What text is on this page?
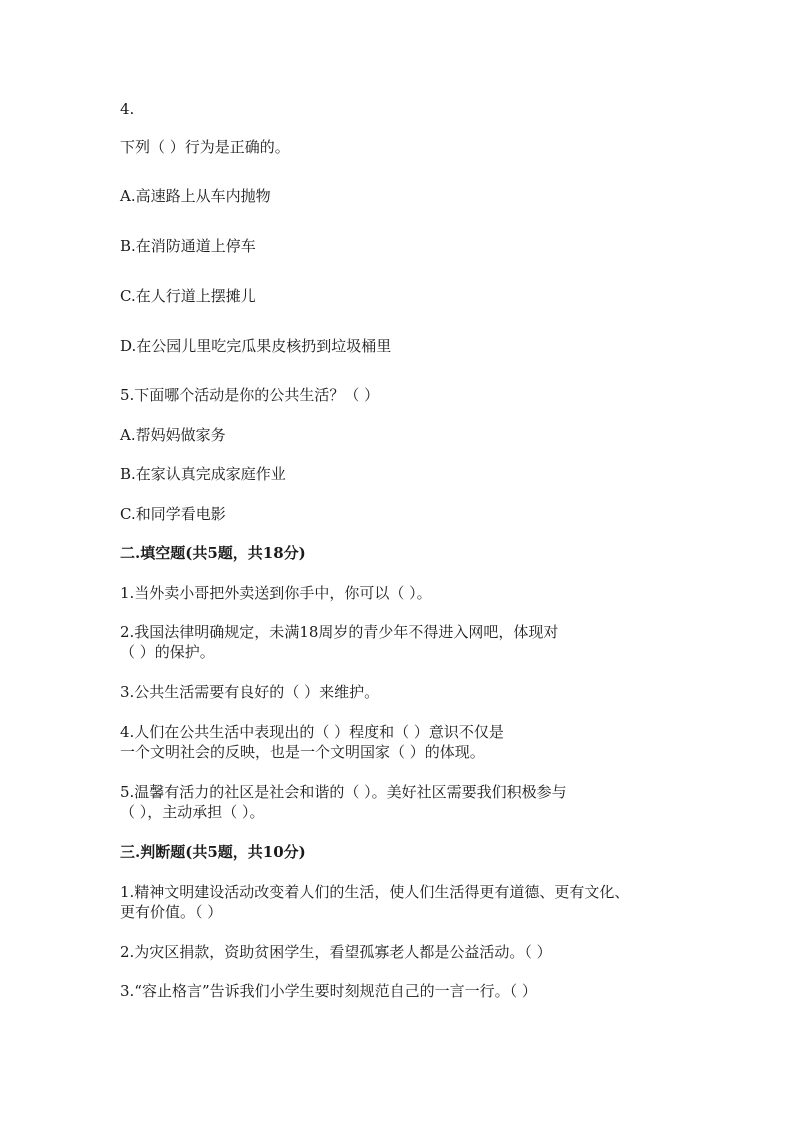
4.
下列（ ）行为是正确的。
A.高速路上从车内抛物
B.在消防通道上停车
C.在人行道上摆摊儿
D.在公园儿里吃完瓜果皮核扔到垃圾桶里
5.下面哪个活动是你的公共生活？（ ）
A.帮妈妈做家务
B.在家认真完成家庭作业
C.和同学看电影
二.填空题(共5题，共18分)
1.当外卖小哥把外卖送到你手中，你可以（ ）。
2.我国法律明确规定，未满18周岁的青少年不得进入网吧，体现对
（ ）的保护。
3.公共生活需要有良好的（ ）来维护。
4.人们在公共生活中表现出的（ ）程度和（ ）意识不仅是
一个文明社会的反映，也是一个文明国家（ ）的体现。
5.温馨有活力的社区是社会和谐的（ ）。美好社区需要我们积极参与
（ ），主动承担（ ）。
三.判断题(共5题，共10分)
1.精神文明建设活动改变着人们的生活，使人们生活得更有道德、更有文化、
更有价值。（ ）
2.为灾区捐款，资助贫困学生，看望孤寡老人都是公益活动。（ ）
3.“容止格言”告诉我们小学生要时刻规范自己的一言一行。（ ）
